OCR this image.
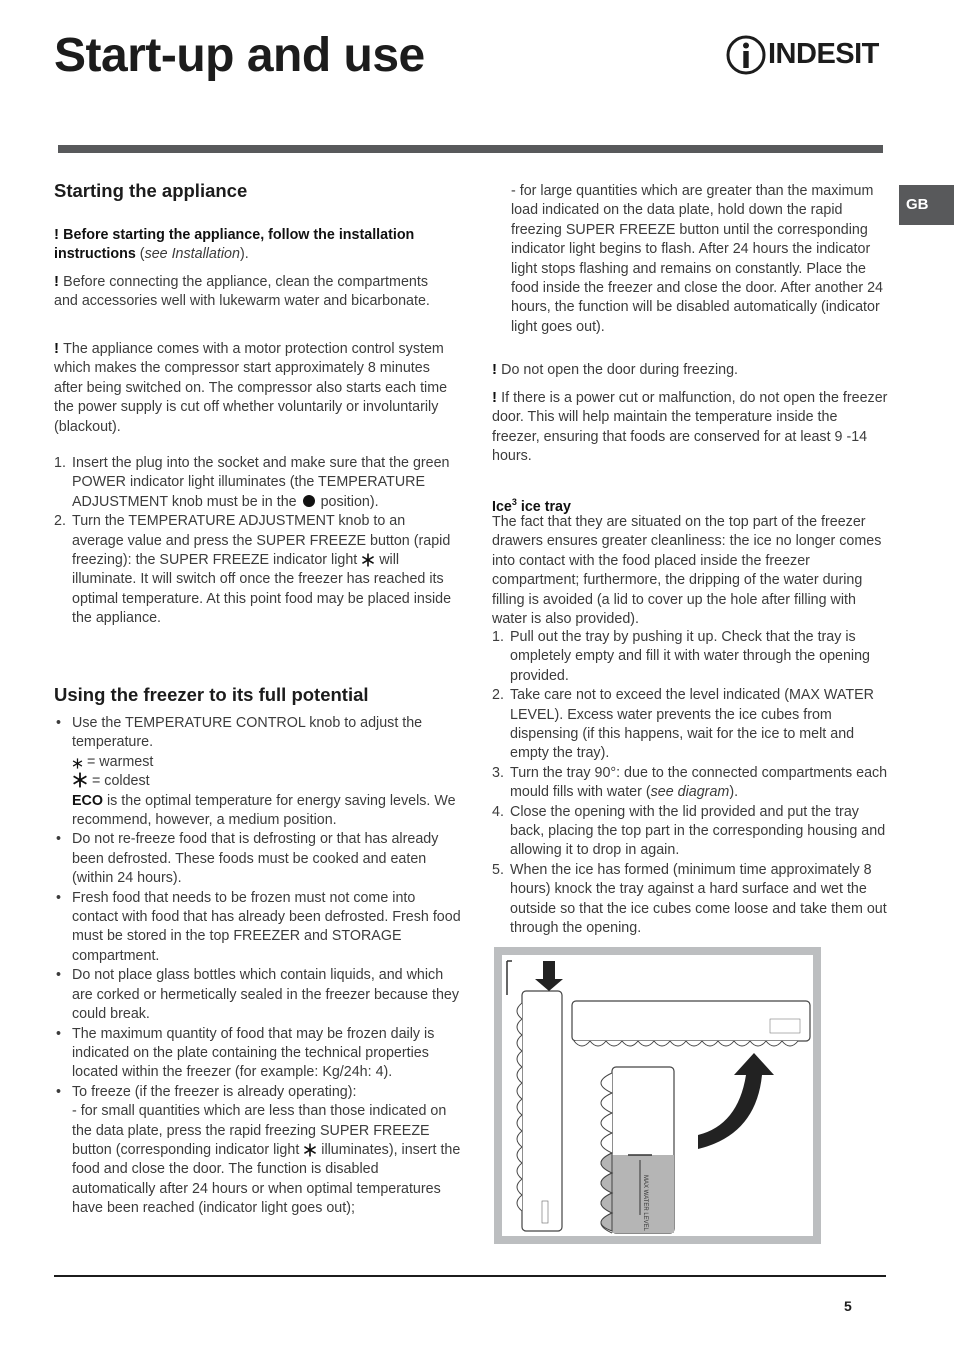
Start-up and use	INDESIT
GB
Starting the appliance

! Before starting the appliance, follow the installation instructions (see Installation).

! Before connecting the appliance, clean the compartments and accessories well with lukewarm water and bicarbonate.

! The appliance comes with a motor protection control system which makes the compressor start approximately 8 minutes after being switched on. The compressor also starts each time the power supply is cut off whether voluntarily or involuntarily (blackout).

1. Insert the plug into the socket and make sure that the green POWER indicator light illuminates (the TEMPERATURE ADJUSTMENT knob must be in the position).
2. Turn the TEMPERATURE ADJUSTMENT knob to an average value and press the SUPER FREEZE button (rapid freezing): the SUPER FREEZE indicator light will illuminate. It will switch off once the freezer has reached its optimal temperature. At this point food may be placed inside the appliance.
Using the freezer to its full potential
• Use the TEMPERATURE CONTROL knob to adjust the temperature.
= warmest
= coldest
ECO is the optimal temperature for energy saving levels. We recommend, however, a medium position.
• Do not re-freeze food that is defrosting or that has already been defrosted. These foods must be cooked and eaten (within 24 hours).
• Fresh food that needs to be frozen must not come into contact with food that has already been defrosted. Fresh food must be stored in the top FREEZER and STORAGE compartment.
• Do not place glass bottles which contain liquids, and which are corked or hermetically sealed in the freezer because they could break.
• The maximum quantity of food that may be frozen daily is indicated on the plate containing the technical properties located within the freezer (for example: Kg/24h: 4).
• To freeze (if the freezer is already operating):
- for small quantities which are less than those indicated on the data plate, press the rapid freezing SUPER FREEZE button (corresponding indicator light illuminates), insert the food and close the door. The function is disabled automatically after 24 hours or when optimal temperatures have been reached (indicator light goes out);

- for large quantities which are greater than the maximum load indicated on the data plate, hold down the rapid freezing SUPER FREEZE button until the corresponding indicator light begins to flash. After 24 hours the indicator light stops flashing and remains on constantly. Place the food inside the freezer and close the door. After another 24 hours, the function will be disabled automatically (indicator light goes out).

! Do not open the door during freezing.

! If there is a power cut or malfunction, do not open the freezer door. This will help maintain the temperature inside the freezer, ensuring that foods are conserved for at least 9 -14 hours.

Ice$^3$ ice tray

The fact that they are situated on the top part of the freezer drawers ensures greater cleanliness: the ice no longer comes into contact with the food placed inside the freezer compartment; furthermore, the dripping of the water during filling is avoided (a lid to cover up the hole after filling with water is also provided).

1. Pull out the tray by pushing it up. Check that the tray is ompletely empty and fill it with water through the opening provided.
2. Take care not to exceed the level indicated (MAX WATER LEVEL). Excess water prevents the ice cubes from dispensing (if this happens, wait for the ice to melt and empty the tray).
3. Turn the tray 90°: due to the connected compartments each mould fills with water (see diagram).
4. Close the opening with the lid provided and put the tray back, placing the top part in the corresponding housing and allowing it to drop in again.
5. When the ice has formed (minimum time approximately 8 hours) knock the tray against a hard surface and wet the outside so that the ice cubes come loose and take them out through the opening.
MAX WATER LEVEL
5
